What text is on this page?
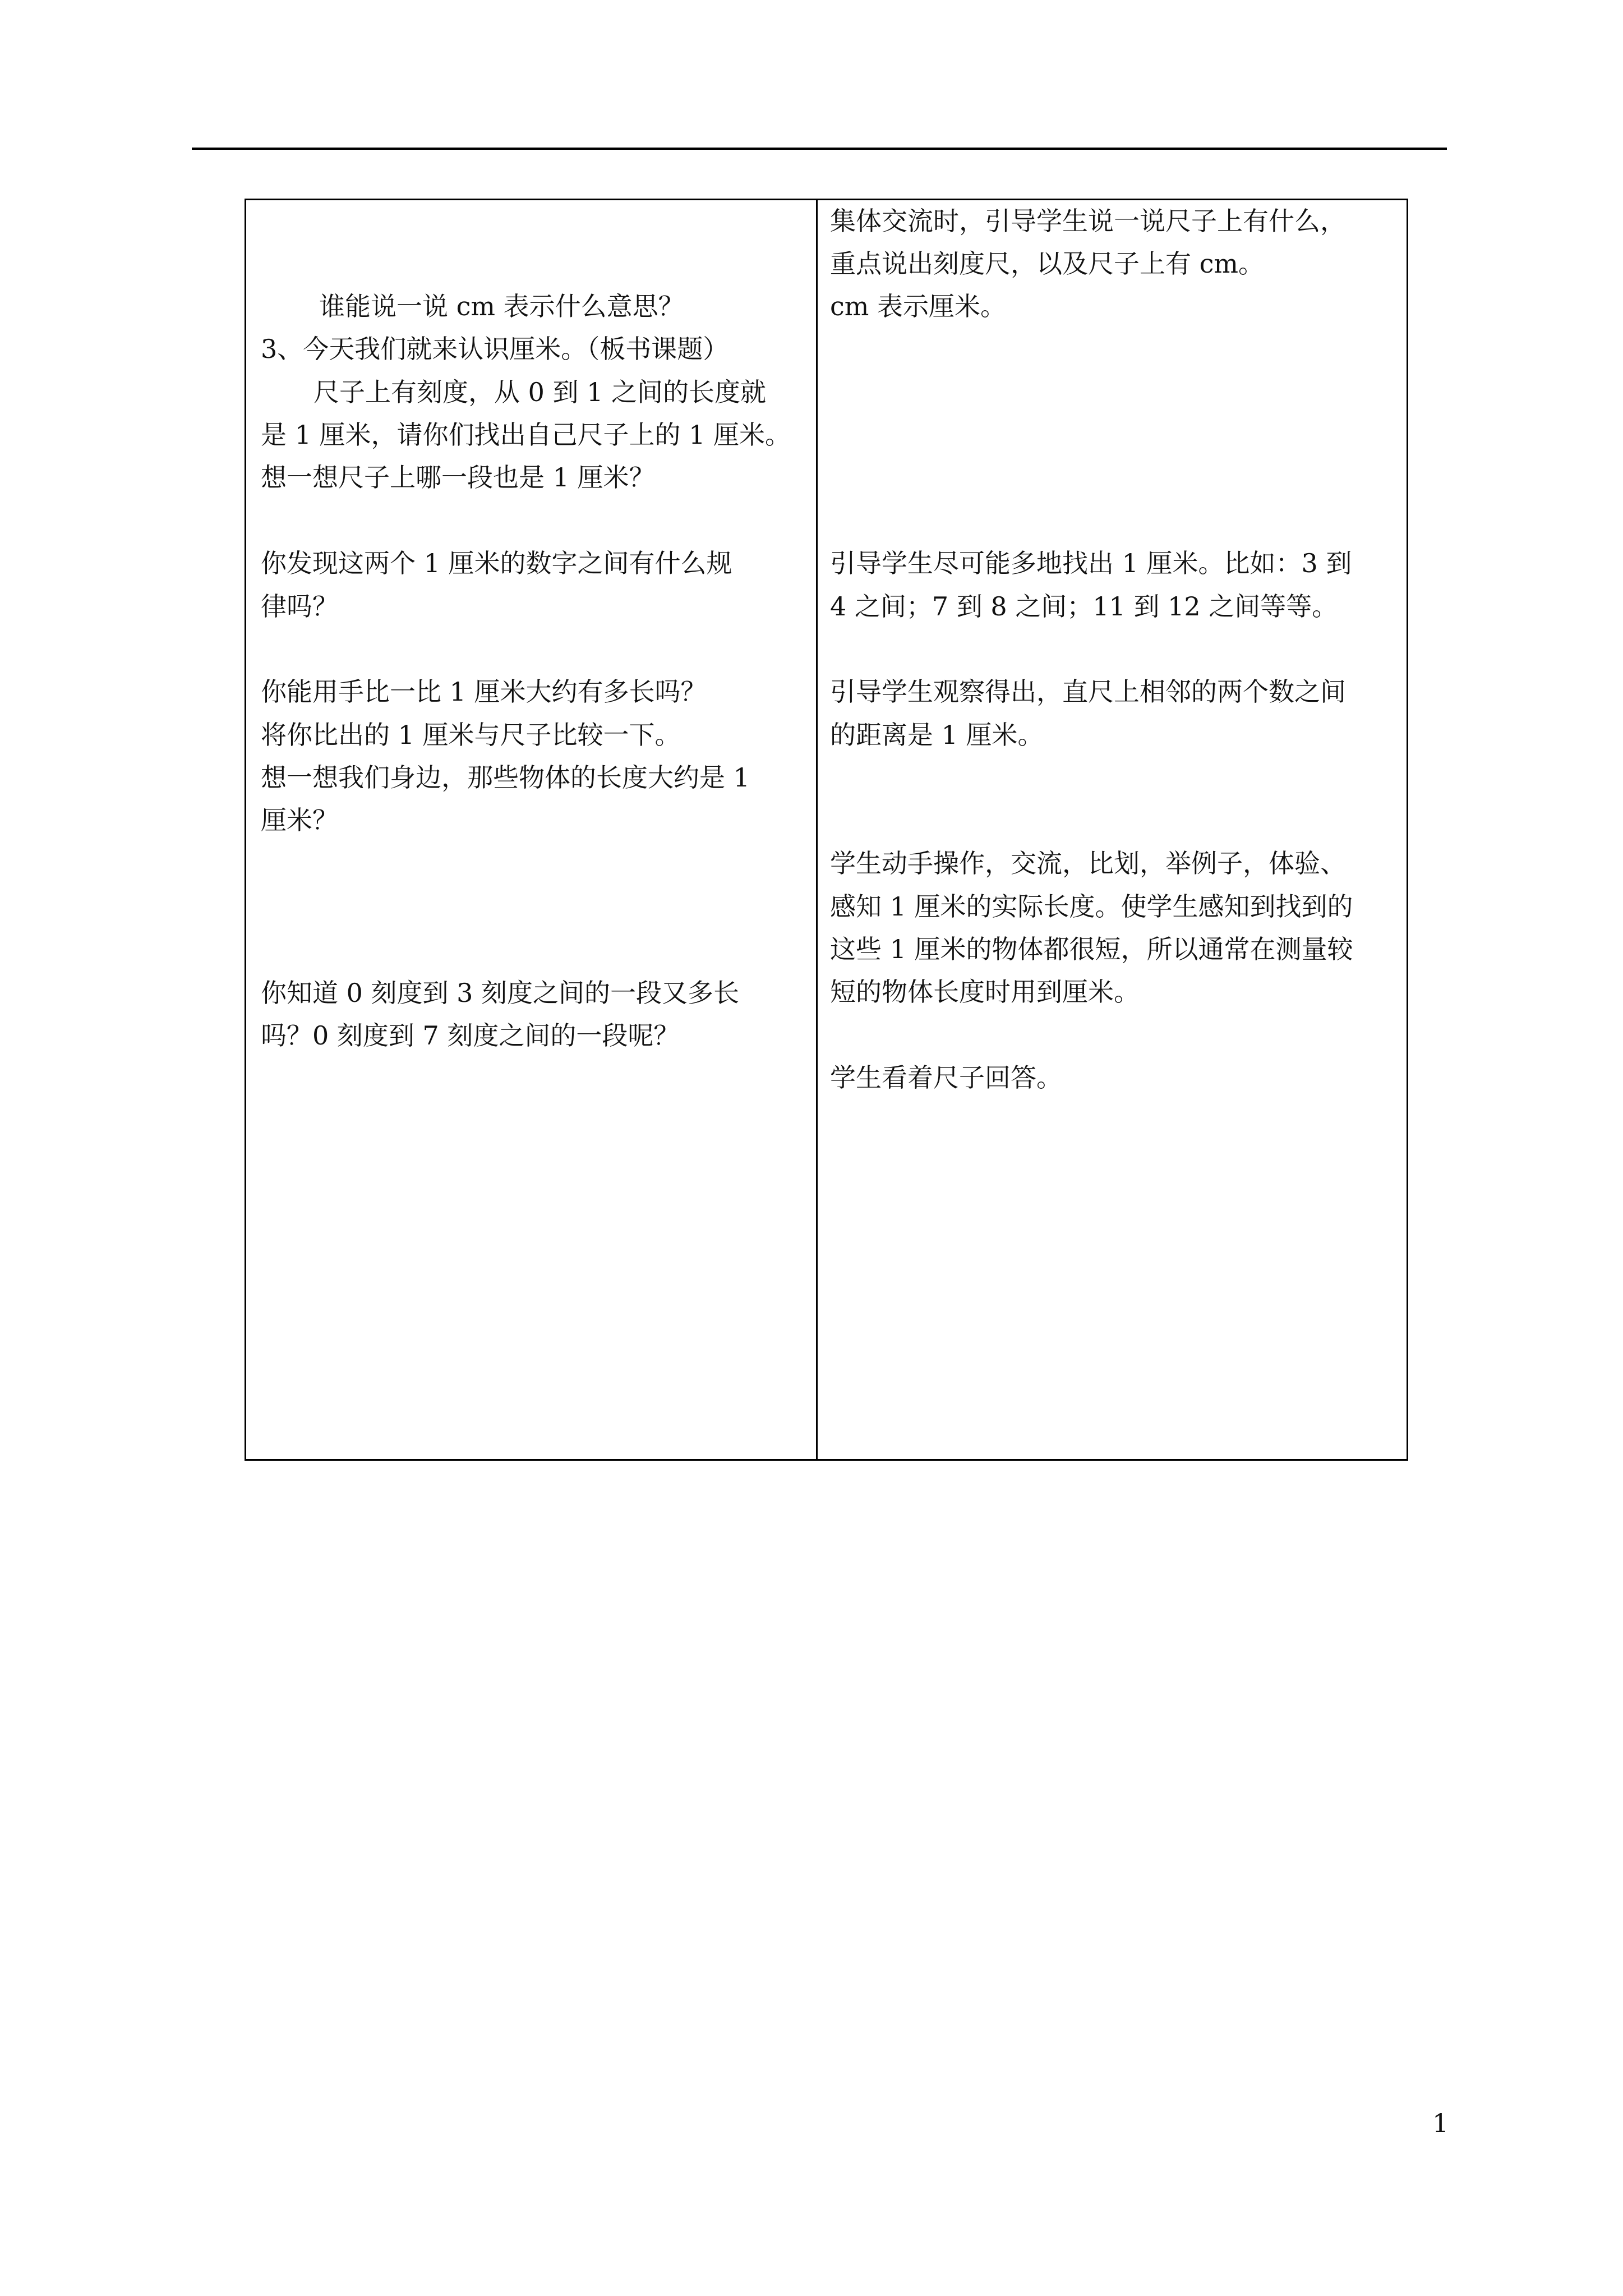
谁能说一说 cm 表示什么意思？
3、今天我们就来认识厘米。（板书课题）
尺子上有刻度，从 0 到 1 之间的长度就
是 1 厘米，请你们找出自己尺子上的 1 厘米。
想一想尺子上哪一段也是 1 厘米？
你发现这两个 1 厘米的数字之间有什么规
律吗？
你能用手比一比 1 厘米大约有多长吗？
将你比出的 1 厘米与尺子比较一下。
想一想我们身边，那些物体的长度大约是 1
厘米？
你知道 0 刻度到 3 刻度之间的一段又多长
吗？0 刻度到 7 刻度之间的一段呢？
集体交流时，引导学生说一说尺子上有什么，
重点说出刻度尺，以及尺子上有 cm。
cm 表示厘米。
引导学生尽可能多地找出 1 厘米。比如：3 到
4 之间；7 到 8 之间；11 到 12 之间等等。
引导学生观察得出，直尺上相邻的两个数之间
的距离是 1 厘米。
学生动手操作，交流，比划，举例子，体验、
感知 1 厘米的实际长度。使学生感知到找到的
这些 1 厘米的物体都很短，所以通常在测量较
短的物体长度时用到厘米。
学生看着尺子回答。
1
